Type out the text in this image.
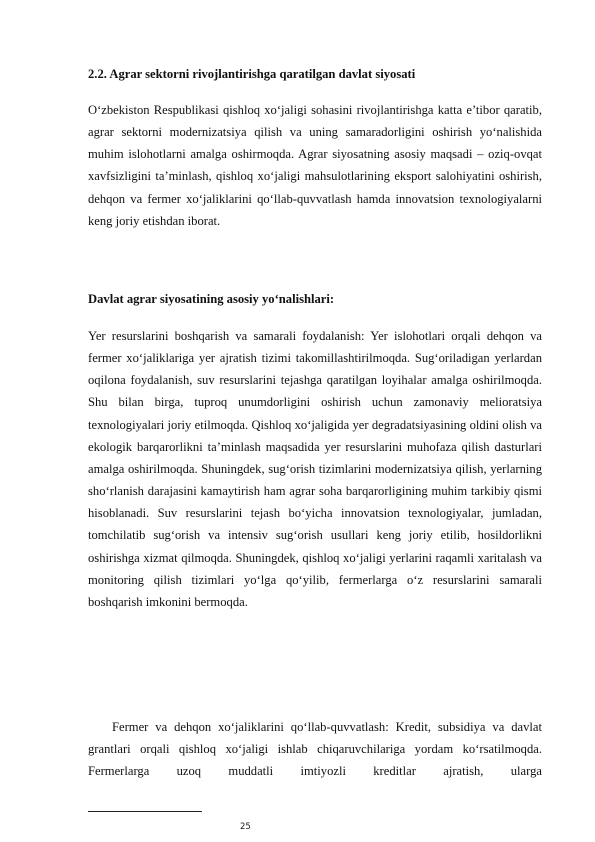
2.2. Agrar sektorni rivojlantirishga qaratilgan davlat siyosati

O‘zbekiston Respublikasi qishloq xo‘jaligi sohasini rivojlantirishga katta e’tibor qaratib, agrar sektorni modernizatsiya qilish va uning samaradorligini oshirish yo‘nalishida muhim islohotlarni amalga oshirmoqda. Agrar siyosatning asosiy maqsadi – oziq-ovqat xavfsizligini ta’minlash, qishloq xo‘jaligi mahsulotlarining eksport salohiyatini oshirish, dehqon va fermer xo‘jaliklarini qo‘llab-quvvatlash hamda innovatsion texnologiyalarni keng joriy etishdan iborat.

Davlat agrar siyosatining asosiy yo‘nalishlari:

Yer resurslarini boshqarish va samarali foydalanish: Yer islohotlari orqali dehqon va fermer xo‘jaliklariga yer ajratish tizimi takomillashtirilmoqda. Sug‘oriladigan yerlardan oqilona foydalanish, suv resurslarini tejashga qaratilgan loyihalar amalga oshirilmoqda. Shu bilan birga, tuproq unumdorligini oshirish uchun zamonaviy melioratsiya texnologiyalari joriy etilmoqda. Qishloq xo‘jaligida yer degradatsiyasining oldini olish va ekologik barqarorlikni ta’minlash maqsadida yer resurslarini muhofaza qilish dasturlari amalga oshirilmoqda. Shuningdek, sug‘orish tizimlarini modernizatsiya qilish, yerlarning sho‘rlanish darajasini kamaytirish ham agrar soha barqarorligining muhim tarkibiy qismi hisoblanadi. Suv resurslarini tejash bo‘yicha innovatsion texnologiyalar, jumladan, tomchilatib sug‘orish va intensiv sug‘orish usullari keng joriy etilib, hosildorlikni oshirishga xizmat qilmoqda. Shuningdek, qishloq xo‘jaligi yerlarini raqamli xaritalash va monitoring qilish tizimlari yo‘lga qo‘yilib, fermerlarga o‘z resurslarini samarali boshqarish imkonini bermoqda.

Fermer va dehqon xo‘jaliklarini qo‘llab-quvvatlash: Kredit, subsidiya va davlat grantlari orqali qishloq xo‘jaligi ishlab chiqaruvchilariga yordam ko‘rsatilmoqda. Fermerlarga uzoq muddatli imtiyozli kreditlar ajratish, ularga

25
